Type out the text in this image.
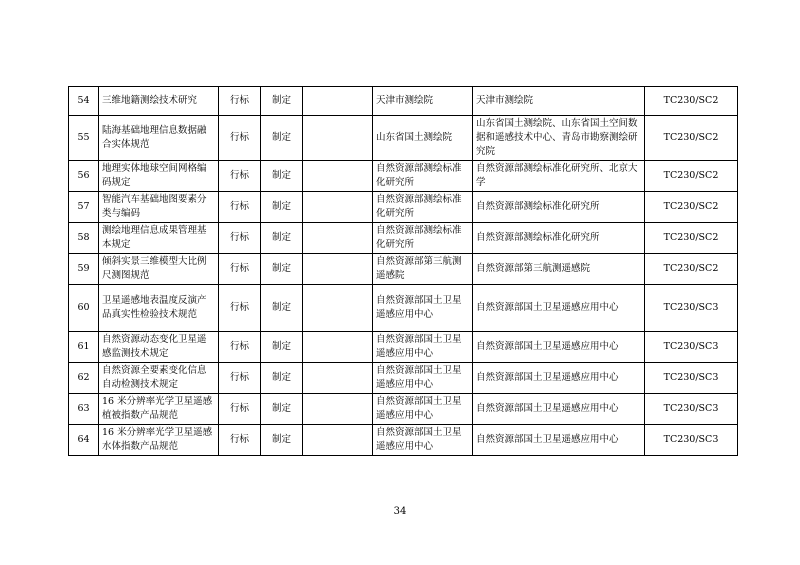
54	三维地籍测绘技术研究	行标	制定		天津市测绘院	天津市测绘院	TC230/SC2
55	陆海基础地理信息数据融合实体规范	行标	制定		山东省国土测绘院	山东省国土测绘院、山东省国土空间数据和遥感技术中心、青岛市勘察测绘研究院	TC230/SC2
56	地理实体地球空间网格编码规定	行标	制定		自然资源部测绘标准化研究所	自然资源部测绘标准化研究所、北京大学	TC230/SC2
57	智能汽车基础地图要素分类与编码	行标	制定		自然资源部测绘标准化研究所	自然资源部测绘标准化研究所	TC230/SC2
58	测绘地理信息成果管理基本规定	行标	制定		自然资源部测绘标准化研究所	自然资源部测绘标准化研究所	TC230/SC2
59	倾斜实景三维模型大比例尺测图规范	行标	制定		自然资源部第三航测遥感院	自然资源部第三航测遥感院	TC230/SC2
60	卫星遥感地表温度反演产品真实性检验技术规范	行标	制定		自然资源部国土卫星遥感应用中心	自然资源部国土卫星遥感应用中心	TC230/SC3
61	自然资源动态变化卫星遥感监测技术规定	行标	制定		自然资源部国土卫星遥感应用中心	自然资源部国土卫星遥感应用中心	TC230/SC3
62	自然资源全要素变化信息自动检测技术规定	行标	制定		自然资源部国土卫星遥感应用中心	自然资源部国土卫星遥感应用中心	TC230/SC3
63	16 米分辨率光学卫星遥感植被指数产品规范	行标	制定		自然资源部国土卫星遥感应用中心	自然资源部国土卫星遥感应用中心	TC230/SC3
64	16 米分辨率光学卫星遥感水体指数产品规范	行标	制定		自然资源部国土卫星遥感应用中心	自然资源部国土卫星遥感应用中心	TC230/SC3
34
